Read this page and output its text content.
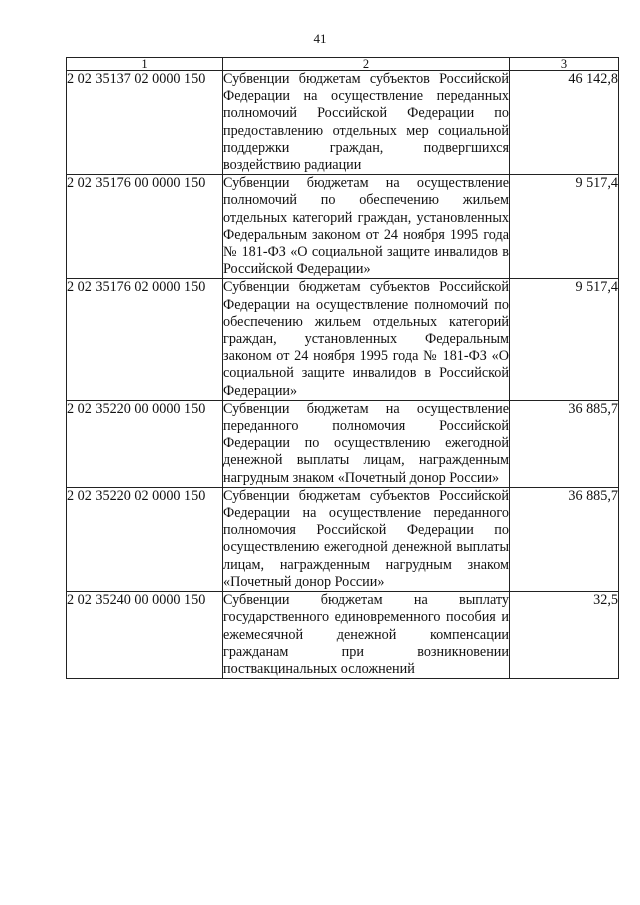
41
1	2	3
2 02 35137 02 0000 150	Субвенции бюджетам субъектов Российской Федерации на осуществление переданных полномочий Российской Федерации по предоставлению отдельных мер социальной поддержки граждан, подвергшихся воздействию радиации	46 142,8
2 02 35176 00 0000 150	Субвенции бюджетам на осуществление полномочий по обеспечению жильем отдельных категорий граждан, установленных Федеральным законом от 24 ноября 1995 года № 181-ФЗ «О социальной защите инвалидов в Российской Федерации»	9 517,4
2 02 35176 02 0000 150	Субвенции бюджетам субъектов Российской Федерации на осуществление полномочий по обеспечению жильем отдельных категорий граждан, установленных Федеральным законом от 24 ноября 1995 года № 181-ФЗ «О социальной защите инвалидов в Российской Федерации»	9 517,4
2 02 35220 00 0000 150	Субвенции бюджетам на осуществление переданного полномочия Российской Федерации по осуществлению ежегодной денежной выплаты лицам, награжденным нагрудным знаком «Почетный донор России»	36 885,7
2 02 35220 02 0000 150	Субвенции бюджетам субъектов Российской Федерации на осуществление переданного полномочия Российской Федерации по осуществлению ежегодной денежной выплаты лицам, награжденным нагрудным знаком «Почетный донор России»	36 885,7
2 02 35240 00 0000 150	Субвенции бюджетам на выплату государственного единовременного пособия и ежемесячной денежной компенсации гражданам при возникновении поствакцинальных осложнений	32,5
